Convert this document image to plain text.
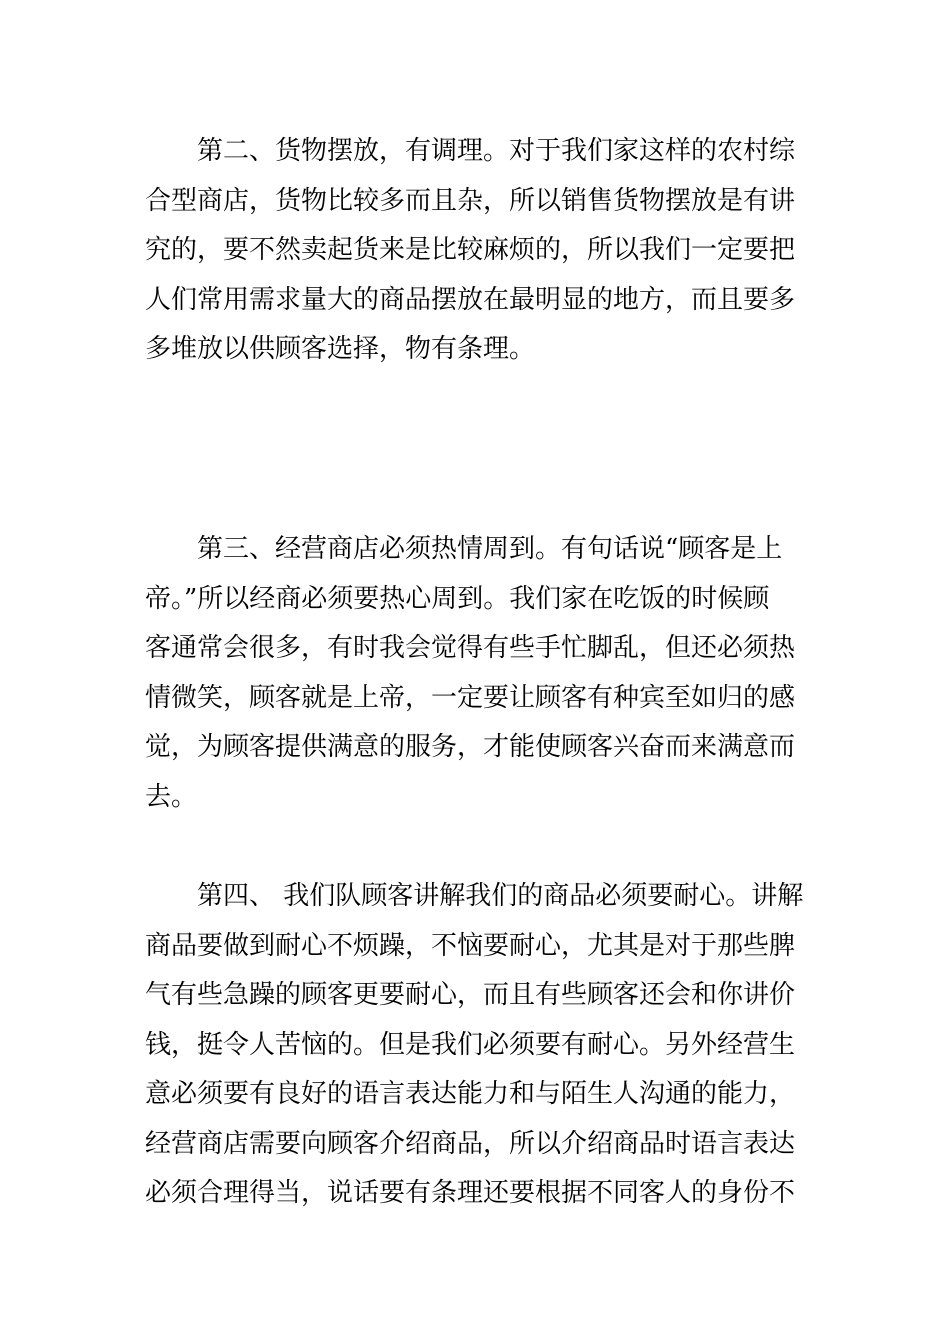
第二、货物摆放，有调理。对于我们家这样的农村综
合型商店，货物比较多而且杂，所以销售货物摆放是有讲
究的，要不然卖起货来是比较麻烦的，所以我们一定要把
人们常用需求量大的商品摆放在最明显的地方，而且要多
多堆放以供顾客选择，物有条理。

第三、经营商店必须热情周到。有句话说“顾客是上
帝。”所以经商必须要热心周到。我们家在吃饭的时候顾
客通常会很多，有时我会觉得有些手忙脚乱，但还必须热
情微笑，顾客就是上帝，一定要让顾客有种宾至如归的感
觉，为顾客提供满意的服务，才能使顾客兴奋而来满意而
去。

第四、 我们队顾客讲解我们的商品必须要耐心。讲解
商品要做到耐心不烦躁，不恼要耐心，尤其是对于那些脾
气有些急躁的顾客更要耐心，而且有些顾客还会和你讲价
钱，挺令人苦恼的。但是我们必须要有耐心。另外经营生
意必须要有良好的语言表达能力和与陌生人沟通的能力，
经营商店需要向顾客介绍商品，所以介绍商品时语言表达
必须合理得当，说话要有条理还要根据不同客人的身份不
